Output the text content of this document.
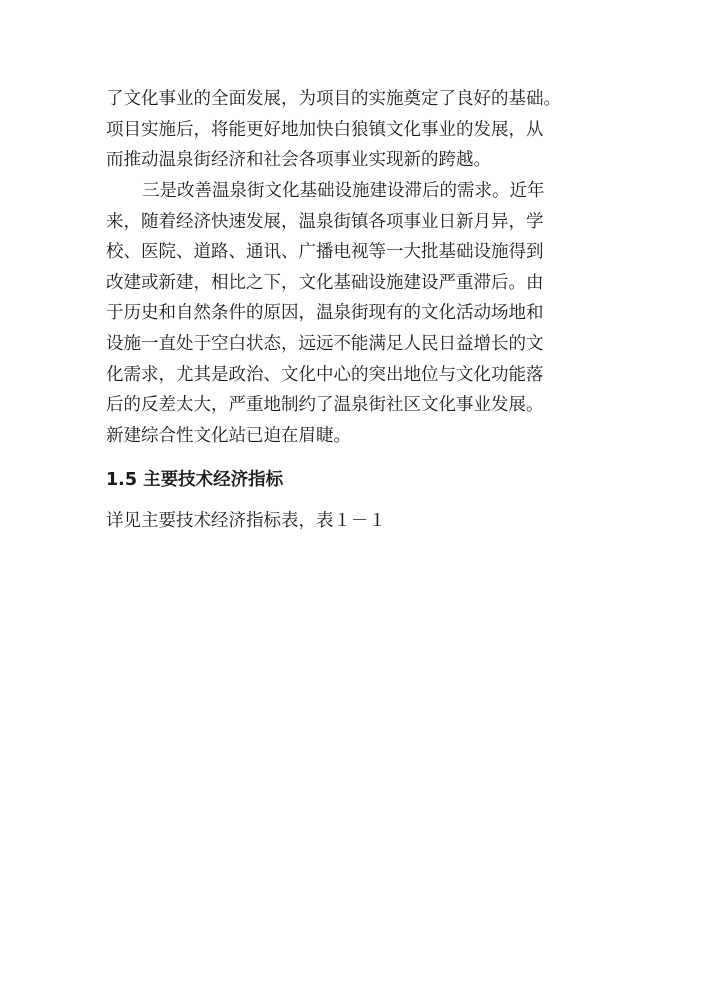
了文化事业的全面发展，为项目的实施奠定了良好的基础。
项目实施后，将能更好地加快白狼镇文化事业的发展，从
而推动温泉街经济和社会各项事业实现新的跨越。
三是改善温泉街文化基础设施建设滞后的需求。近年
来，随着经济快速发展，温泉街镇各项事业日新月异，学
校、医院、道路、通讯、广播电视等一大批基础设施得到
改建或新建，相比之下，文化基础设施建设严重滞后。由
于历史和自然条件的原因，温泉街现有的文化活动场地和
设施一直处于空白状态，远远不能满足人民日益增长的文
化需求，尤其是政治、文化中心的突出地位与文化功能落
后的反差太大，严重地制约了温泉街社区文化事业发展。
新建综合性文化站已迫在眉睫。
1.5 主要技术经济指标
详见主要技术经济指标表，表１－１
